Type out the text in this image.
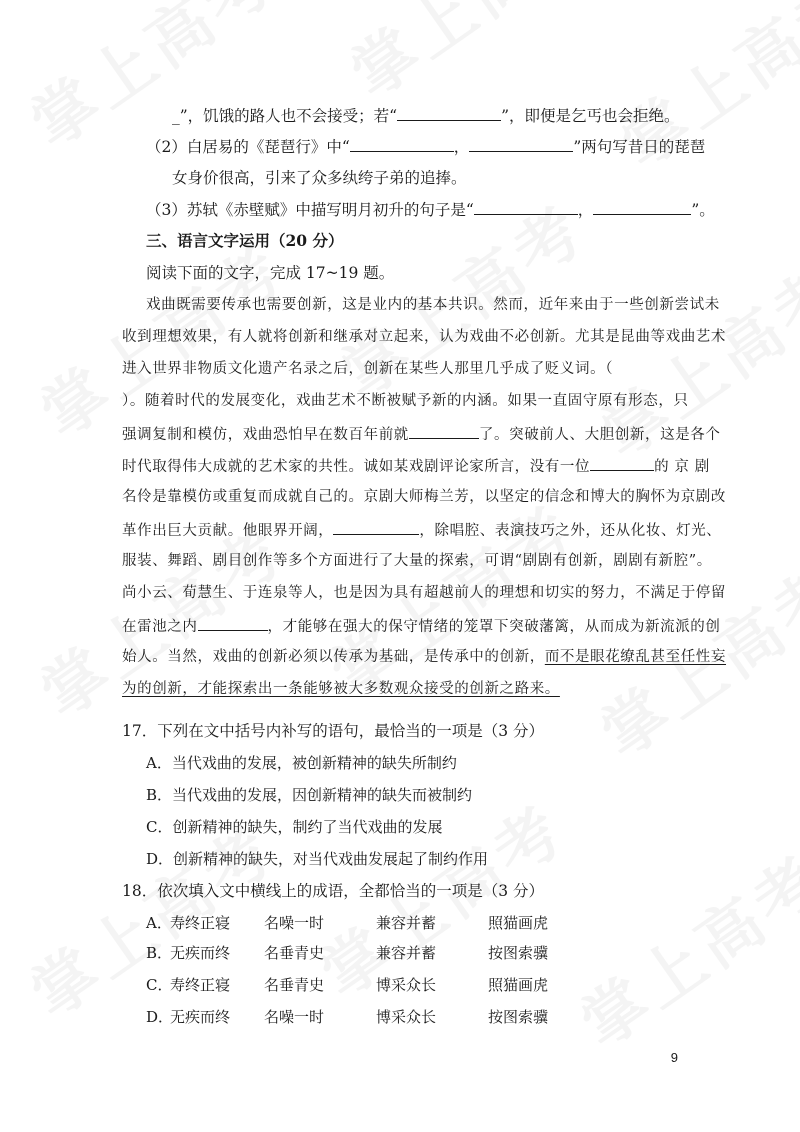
_”，饥饿的路人也不会接受；若“	”，即便是乞丐也会拒绝。
（2）白居易的《琵琶行》中“	，	”两句写昔日的琵琶
女身价很高，引来了众多纨绔子弟的追捧。
（3）苏轼《赤壁赋》中描写明月初升的句子是“	，	”。
三、语言文字运用（20 分）
阅读下面的文字，完成 17~19 题。
戏曲既需要传承也需要创新，这是业内的基本共识。然而，近年来由于一些创新尝试未
收到理想效果，有人就将创新和继承对立起来，认为戏曲不必创新。尤其是昆曲等戏曲艺术
进入世界非物质文化遗产名录之后，创新在某些人那里几乎成了贬义词。（
）。随着时代的发展变化，戏曲艺术不断被赋予新的内涵。如果一直固守原有形态，只
强调复制和模仿，戏曲恐怕早在数百年前就	了。突破前人、大胆创新，这是各个
时代取得伟大成就的艺术家的共性。诚如某戏剧评论家所言，没有一位	的 京 剧
名伶是靠模仿或重复而成就自己的。京剧大师梅兰芳，以坚定的信念和博大的胸怀为京剧改
革作出巨大贡献。他眼界开阔，	，除唱腔、表演技巧之外，还从化妆、灯光、
服装、舞蹈、剧目创作等多个方面进行了大量的探索，可谓“剧剧有创新，剧剧有新腔”。
尚小云、荀慧生、于连泉等人，也是因为具有超越前人的理想和切实的努力，不满足于停留
在雷池之内	，才能够在强大的保守情绪的笼罩下突破藩篱，从而成为新流派的创
始人。当然，戏曲的创新必须以传承为基础，是传承中的创新，而不是眼花缭乱甚至任性妄
为的创新，才能探索出一条能够被大多数观众接受的创新之路来。
17．下列在文中括号内补写的语句，最恰当的一项是（3 分）
A．当代戏曲的发展，被创新精神的缺失所制约
B．当代戏曲的发展，因创新精神的缺失而被制约
C．创新精神的缺失，制约了当代戏曲的发展
D．创新精神的缺失，对当代戏曲发展起了制约作用
18．依次填入文中横线上的成语，全都恰当的一项是（3 分）
A．
寿终正寝 名噪一时	兼容并蓄	照猫画虎
B．
无疾而终 名垂青史	兼容并蓄	按图索骥
C．
寿终正寝 名垂青史	博采众长	照猫画虎
D．
无疾而终 名噪一时	博采众长	按图索骥
9
